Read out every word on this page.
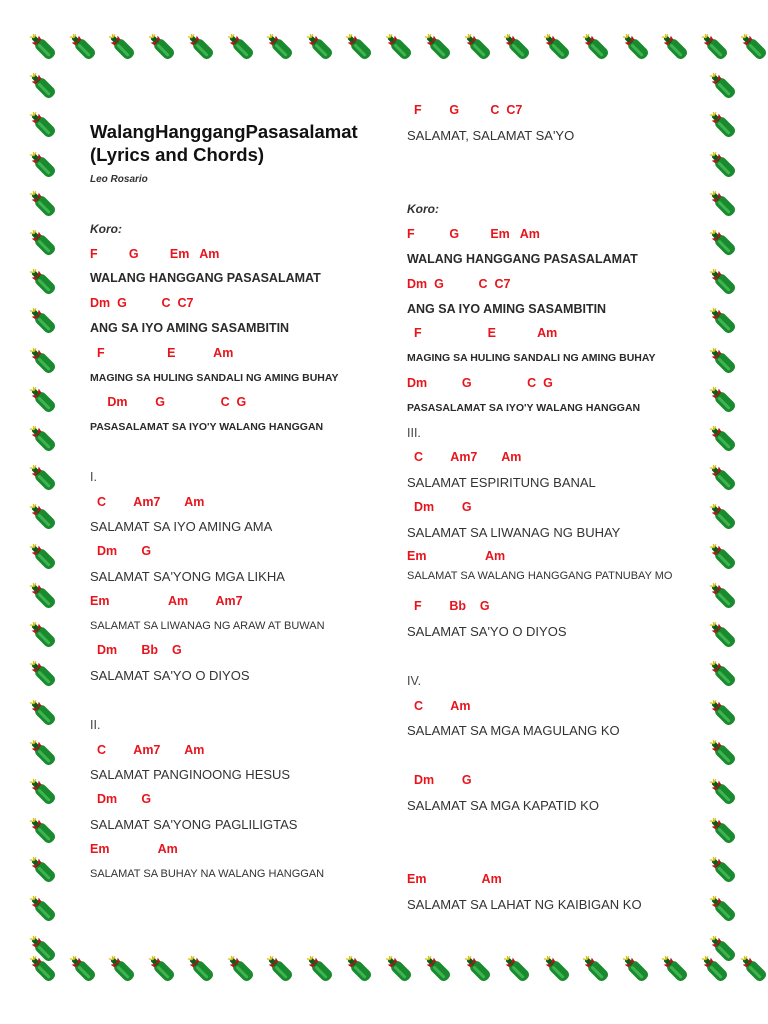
WalangHanggangPasasalamat
(Lyrics and Chords)
Leo Rosario
Koro:
F         G         Em   Am
WALANG HANGGANG PASASALAMAT
Dm  G          C  C7
ANG SA IYO AMING SASAMBITIN
F                  E           Am
MAGING SA HULING SANDALI NG AMING BUHAY
Dm        G                C  G
PASASALAMAT SA IYO'Y WALANG HANGGAN
I.
C        Am7       Am
SALAMAT SA IYO AMING AMA
Dm       G
SALAMAT SA'YONG MGA LIKHA
Em                 Am        Am7
SALAMAT SA LIWANAG NG ARAW AT BUWAN
Dm       Bb    G
SALAMAT SA'YO O DIYOS
II.
C        Am7       Am
SALAMAT PANGINOONG HESUS
Dm       G
SALAMAT SA'YONG PAGLILIGTAS
Em              Am
SALAMAT SA BUHAY NA WALANG HANGGAN
F        G         C  C7
SALAMAT, SALAMAT SA'YO
Koro:
F          G         Em   Am
WALANG HANGGANG PASASALAMAT
Dm  G          C  C7
ANG SA IYO AMING SASAMBITIN
F                   E            Am
MAGING SA HULING SANDALI NG AMING BUHAY
Dm          G                C  G
PASASALAMAT SA IYO'Y WALANG HANGGAN
III.
C        Am7       Am
SALAMAT ESPIRITUNG BANAL
Dm        G
SALAMAT SA LIWANAG NG BUHAY
Em                 Am
SALAMAT SA WALANG HANGGANG PATNUBAY MO
F        Bb    G
SALAMAT SA'YO O DIYOS
IV.
C        Am
SALAMAT SA MGA MAGULANG KO
Dm        G
SALAMAT SA MGA KAPATID KO
Em                Am
SALAMAT SA LAHAT NG KAIBIGAN KO
